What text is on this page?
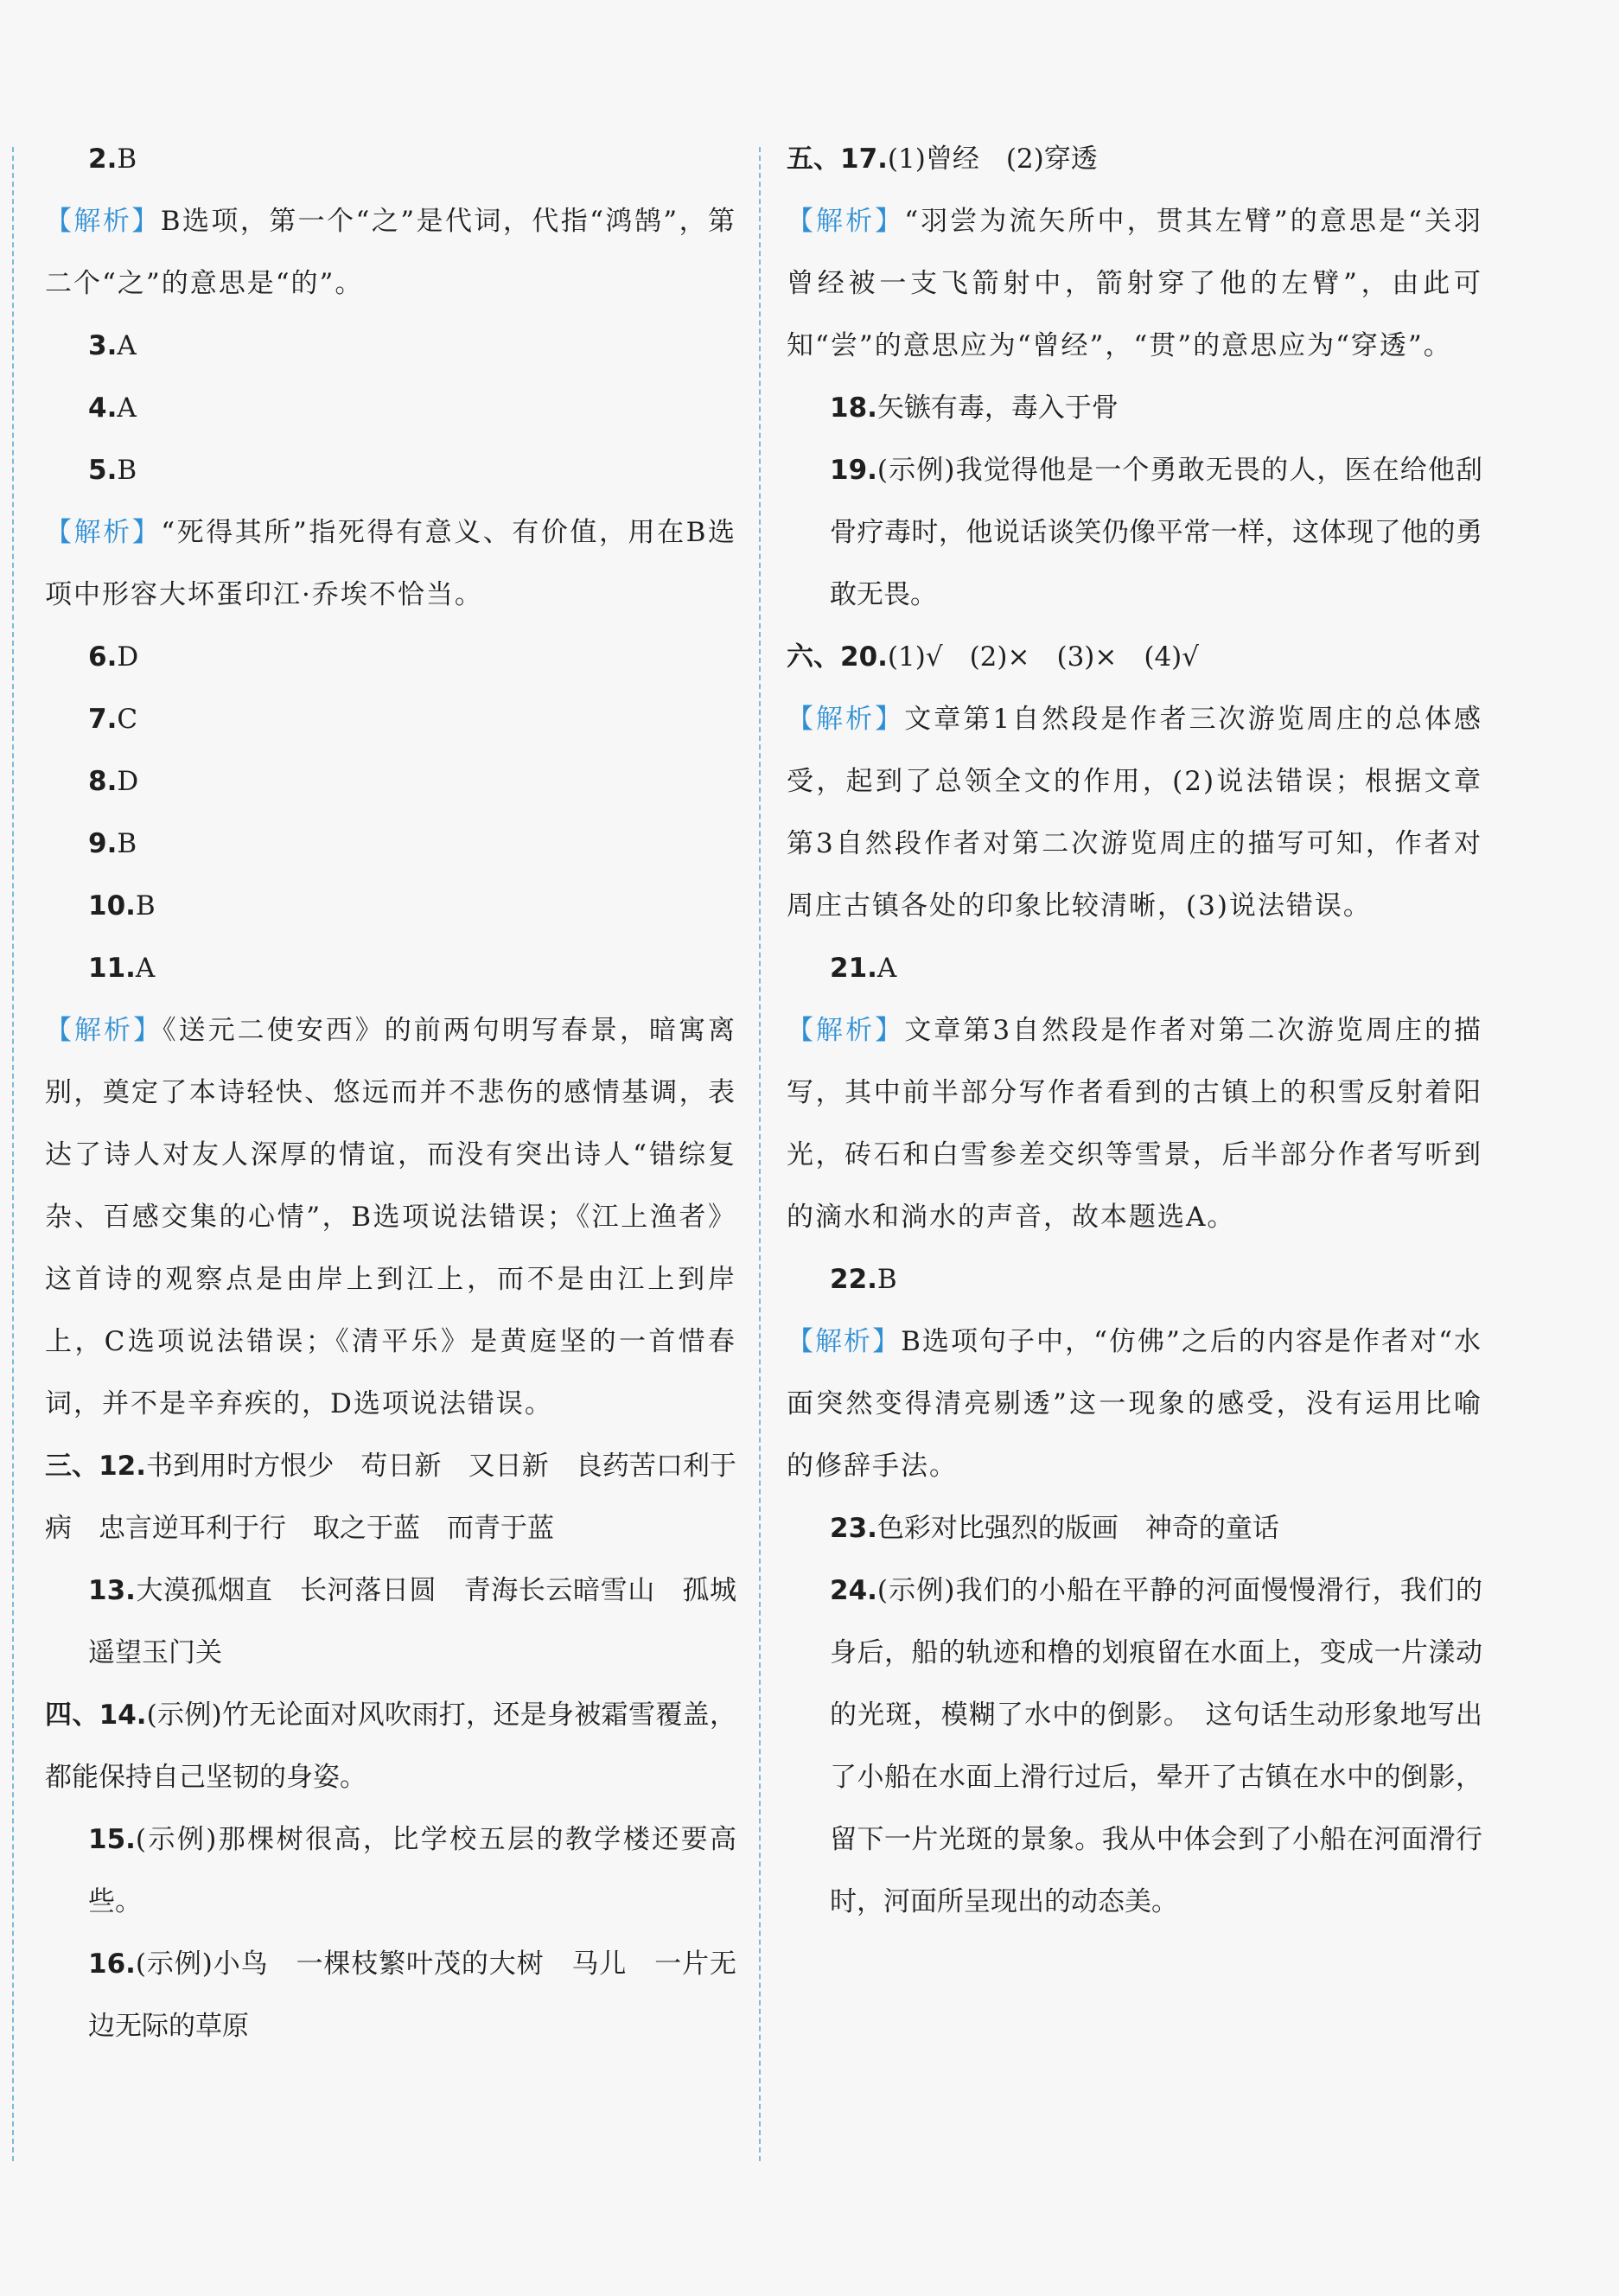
2.B

【解析】B选项，第一个“之”是代词，代指“鸿鹄”，第二个“之”的意思是“的”。

3.A

4.A

5.B

【解析】“死得其所”指死得有意义、有价值，用在B选项中形容大坏蛋印江·乔埃不恰当。

6.D

7.C

8.D

9.B

10.B

11.A

【解析】《送元二使安西》的前两句明写春景，暗寓离别，奠定了本诗轻快、悠远而并不悲伤的感情基调，表达了诗人对友人深厚的情谊，而没有突出诗人“错综复杂、百感交集的心情”，B选项说法错误；《江上渔者》这首诗的观察点是由岸上到江上，而不是由江上到岸上，C选项说法错误；《清平乐》是黄庭坚的一首惜春词，并不是辛弃疾的，D选项说法错误。

三、12.书到用时方恨少　苟日新　又日新　良药苦口利于病　忠言逆耳利于行　取之于蓝　而青于蓝

13.大漠孤烟直　长河落日圆　青海长云暗雪山　孤城遥望玉门关

四、14.(示例)竹无论面对风吹雨打，还是身被霜雪覆盖，都能保持自己坚韧的身姿。

15.(示例)那棵树很高，比学校五层的教学楼还要高些。

16.(示例)小鸟　一棵枝繁叶茂的大树　马儿　一片无边无际的草原

五、17.(1)曾经　(2)穿透

【解析】“羽尝为流矢所中，贯其左臂”的意思是“关羽曾经被一支飞箭射中，箭射穿了他的左臂”，由此可知“尝”的意思应为“曾经”，“贯”的意思应为“穿透”。

18.矢镞有毒，毒入于骨

19.(示例)我觉得他是一个勇敢无畏的人，医在给他刮骨疗毒时，他说话谈笑仍像平常一样，这体现了他的勇敢无畏。

六、20.(1)√　(2)×　(3)×　(4)√

【解析】文章第1自然段是作者三次游览周庄的总体感受，起到了总领全文的作用，(2)说法错误；根据文章第3自然段作者对第二次游览周庄的描写可知，作者对周庄古镇各处的印象比较清晰，(3)说法错误。

21.A

【解析】文章第3自然段是作者对第二次游览周庄的描写，其中前半部分写作者看到的古镇上的积雪反射着阳光，砖石和白雪参差交织等雪景，后半部分作者写听到的滴水和淌水的声音，故本题选A。

22.B

【解析】B选项句子中，“仿佛”之后的内容是作者对“水面突然变得清亮剔透”这一现象的感受，没有运用比喻的修辞手法。

23.色彩对比强烈的版画　神奇的童话

24.(示例)我们的小船在平静的河面慢慢滑行，我们的身后，船的轨迹和橹的划痕留在水面上，变成一片漾动的光斑，模糊了水中的倒影。　这句话生动形象地写出了小船在水面上滑行过后，晕开了古镇在水中的倒影，留下一片光斑的景象。我从中体会到了小船在河面滑行时，河面所呈现出的动态美。
